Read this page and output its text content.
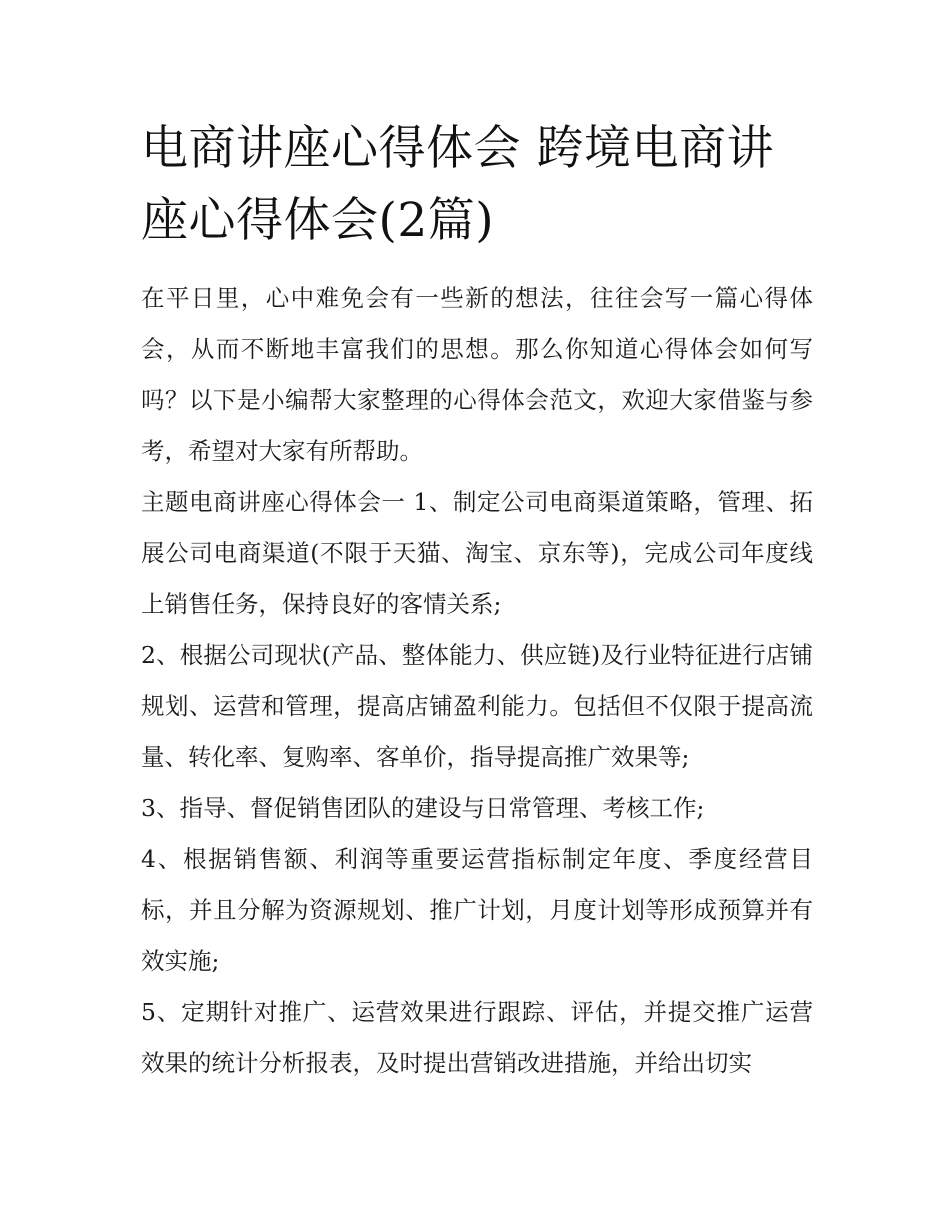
电商讲座心得体会 跨境电商讲座心得体会(2篇)

在平日里，心中难免会有一些新的想法，往往会写一篇心得体会，从而不断地丰富我们的思想。那么你知道心得体会如何写吗？以下是小编帮大家整理的心得体会范文，欢迎大家借鉴与参考，希望对大家有所帮助。

主题电商讲座心得体会一 1、制定公司电商渠道策略，管理、拓展公司电商渠道(不限于天猫、淘宝、京东等)，完成公司年度线上销售任务，保持良好的客情关系;

2、根据公司现状(产品、整体能力、供应链)及行业特征进行店铺规划、运营和管理，提高店铺盈利能力。包括但不仅限于提高流量、转化率、复购率、客单价，指导提高推广效果等;

3、指导、督促销售团队的建设与日常管理、考核工作;

4、根据销售额、利润等重要运营指标制定年度、季度经营目标，并且分解为资源规划、推广计划，月度计划等形成预算并有效实施;

5、定期针对推广、运营效果进行跟踪、评估，并提交推广运营效果的统计分析报表，及时提出营销改进措施，并给出切实
